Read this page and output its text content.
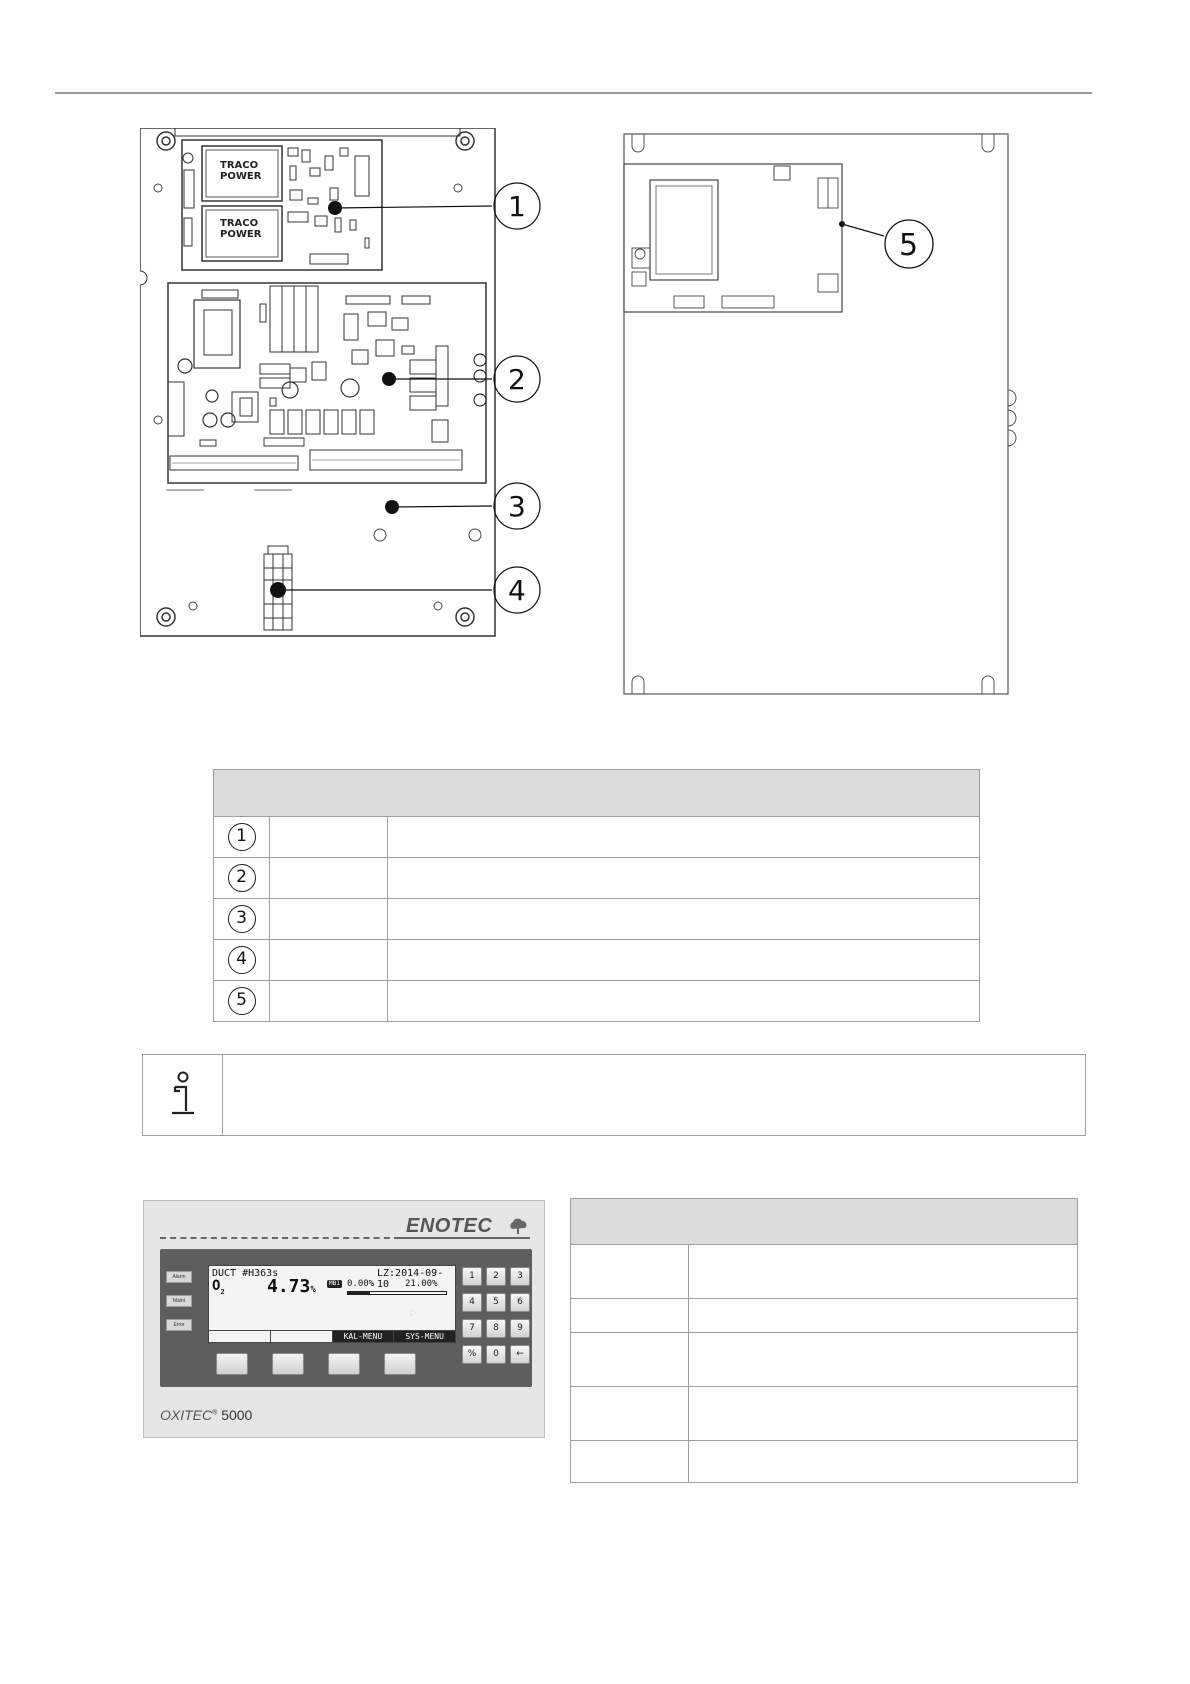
TRACO
POWER
TRACO
POWER
1
2
3
4
5

1		
2		
3		
4		
5		
ENOTEC
Alarm
Maint
Error
DUCT #H363s
$O_2$ 4.73%
MB1
LZ:2014-09-10
0.00%	21.00%
KAL-MENU	SYS-MENU
▷
1	2	3
4	5	6
7	8	9
%	0	←
OXITEC® 5000
